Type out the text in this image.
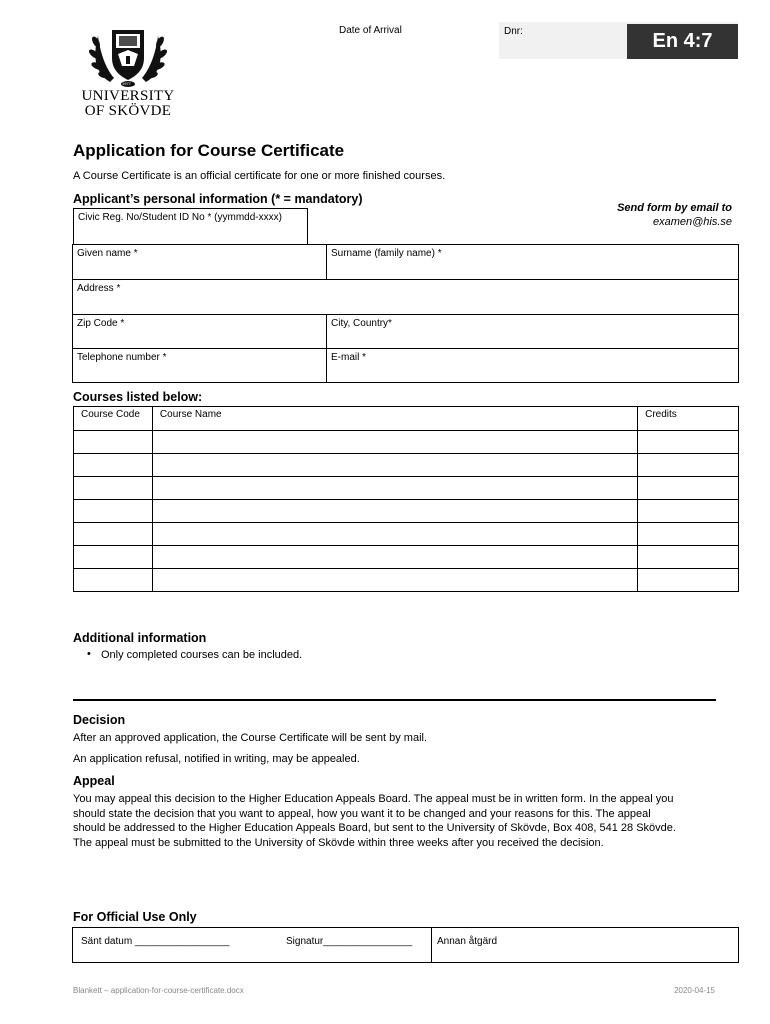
1977
UNIVERSITY
OF SKÖVDE
Date of Arrival	Dnr:	En 4:7
Application for Course Certificate
A Course Certificate is an official certificate for one or more finished courses.
Applicant’s personal information (* = mandatory)
Send form by email to
examen@his.se
Civic Reg. No/Student ID No * (yymmdd-xxxx)
Given name *	Surname (family name) *
Address *
Zip Code *	City, Country*
Telephone number *	E-mail *
Courses listed below:
Course Code	Course Name	Credits

Additional information
• Only completed courses can be included.
Decision
After an approved application, the Course Certificate will be sent by mail.
An application refusal, notified in writing, may be appealed.
Appeal
You may appeal this decision to the Higher Education Appeals Board. The appeal must be in written form. In the appeal you
should state the decision that you want to appeal, how you want it to be changed and your reasons for this. The appeal
should be addressed to the Higher Education Appeals Board, but sent to the University of Skövde, Box 408, 541 28 Skövde.
The appeal must be submitted to the University of Skövde within three weeks after you received the decision.
For Official Use Only
Sänt datum _________________	Signatur________________ Annan åtgärd
Blankett – application-for-course-certificate.docx	2020-04-15
